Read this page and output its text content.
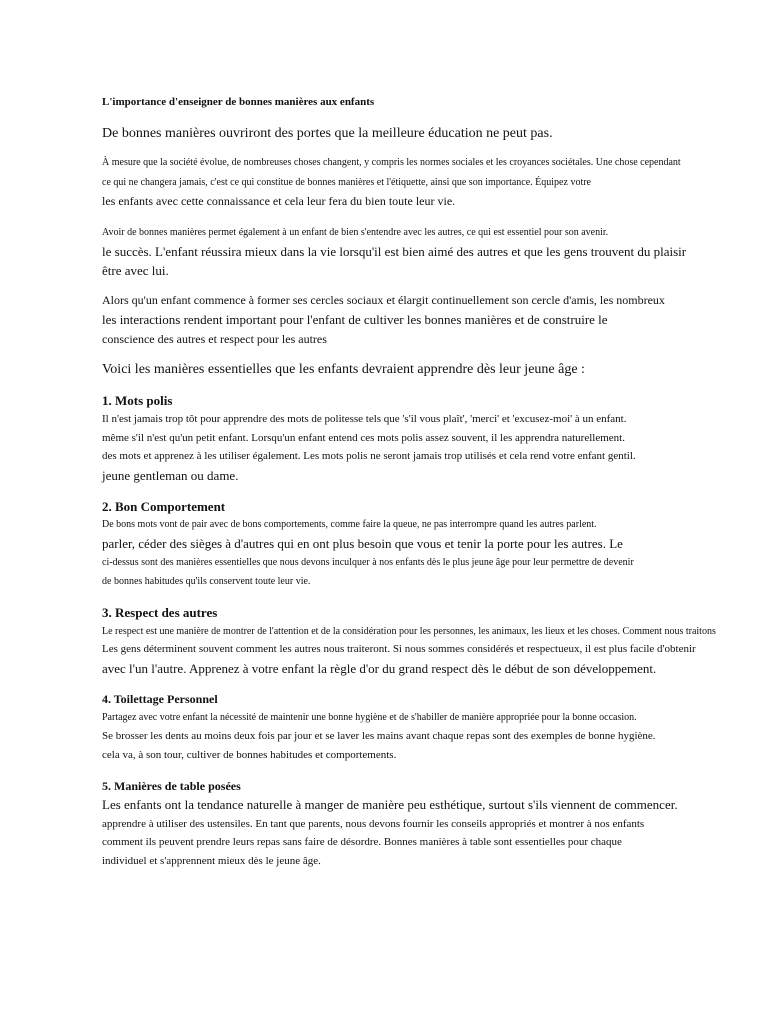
L'importance d'enseigner de bonnes manières aux enfants

De bonnes manières ouvriront des portes que la meilleure éducation ne peut pas.

À mesure que la société évolue, de nombreuses choses changent, y compris les normes sociales et les croyances sociétales. Une chose cependant

ce qui ne changera jamais, c'est ce qui constitue de bonnes manières et l'étiquette, ainsi que son importance. Équipez votre

les enfants avec cette connaissance et cela leur fera du bien toute leur vie.

Avoir de bonnes manières permet également à un enfant de bien s'entendre avec les autres, ce qui est essentiel pour son avenir.

le succès. L'enfant réussira mieux dans la vie lorsqu'il est bien aimé des autres et que les gens trouvent du plaisir

être avec lui.

Alors qu'un enfant commence à former ses cercles sociaux et élargit continuellement son cercle d'amis, les nombreux

les interactions rendent important pour l'enfant de cultiver les bonnes manières et de construire le

conscience des autres et respect pour les autres

Voici les manières essentielles que les enfants devraient apprendre dès leur jeune âge :

1. Mots polis

Il n'est jamais trop tôt pour apprendre des mots de politesse tels que 's'il vous plaît', 'merci' et 'excusez-moi' à un enfant.

même s'il n'est qu'un petit enfant. Lorsqu'un enfant entend ces mots polis assez souvent, il les apprendra naturellement.

des mots et apprenez à les utiliser également. Les mots polis ne seront jamais trop utilisés et cela rend votre enfant gentil.

jeune gentleman ou dame.

2. Bon Comportement

De bons mots vont de pair avec de bons comportements, comme faire la queue, ne pas interrompre quand les autres parlent.

parler, céder des sièges à d'autres qui en ont plus besoin que vous et tenir la porte pour les autres. Le

ci-dessus sont des manières essentielles que nous devons inculquer à nos enfants dès le plus jeune âge pour leur permettre de devenir

de bonnes habitudes qu'ils conservent toute leur vie.

3. Respect des autres

Le respect est une manière de montrer de l'attention et de la considération pour les personnes, les animaux, les lieux et les choses. Comment nous traitons

Les gens déterminent souvent comment les autres nous traiteront. Si nous sommes considérés et respectueux, il est plus facile d'obtenir

avec l'un l'autre. Apprenez à votre enfant la règle d'or du grand respect dès le début de son développement.

4. Toilettage Personnel

Partagez avec votre enfant la nécessité de maintenir une bonne hygiène et de s'habiller de manière appropriée pour la bonne occasion.

Se brosser les dents au moins deux fois par jour et se laver les mains avant chaque repas sont des exemples de bonne hygiène.

cela va, à son tour, cultiver de bonnes habitudes et comportements.

5. Manières de table posées

Les enfants ont la tendance naturelle à manger de manière peu esthétique, surtout s'ils viennent de commencer.

apprendre à utiliser des ustensiles. En tant que parents, nous devons fournir les conseils appropriés et montrer à nos enfants

comment ils peuvent prendre leurs repas sans faire de désordre. Bonnes manières à table sont essentielles pour chaque

individuel et s'apprennent mieux dès le jeune âge.
